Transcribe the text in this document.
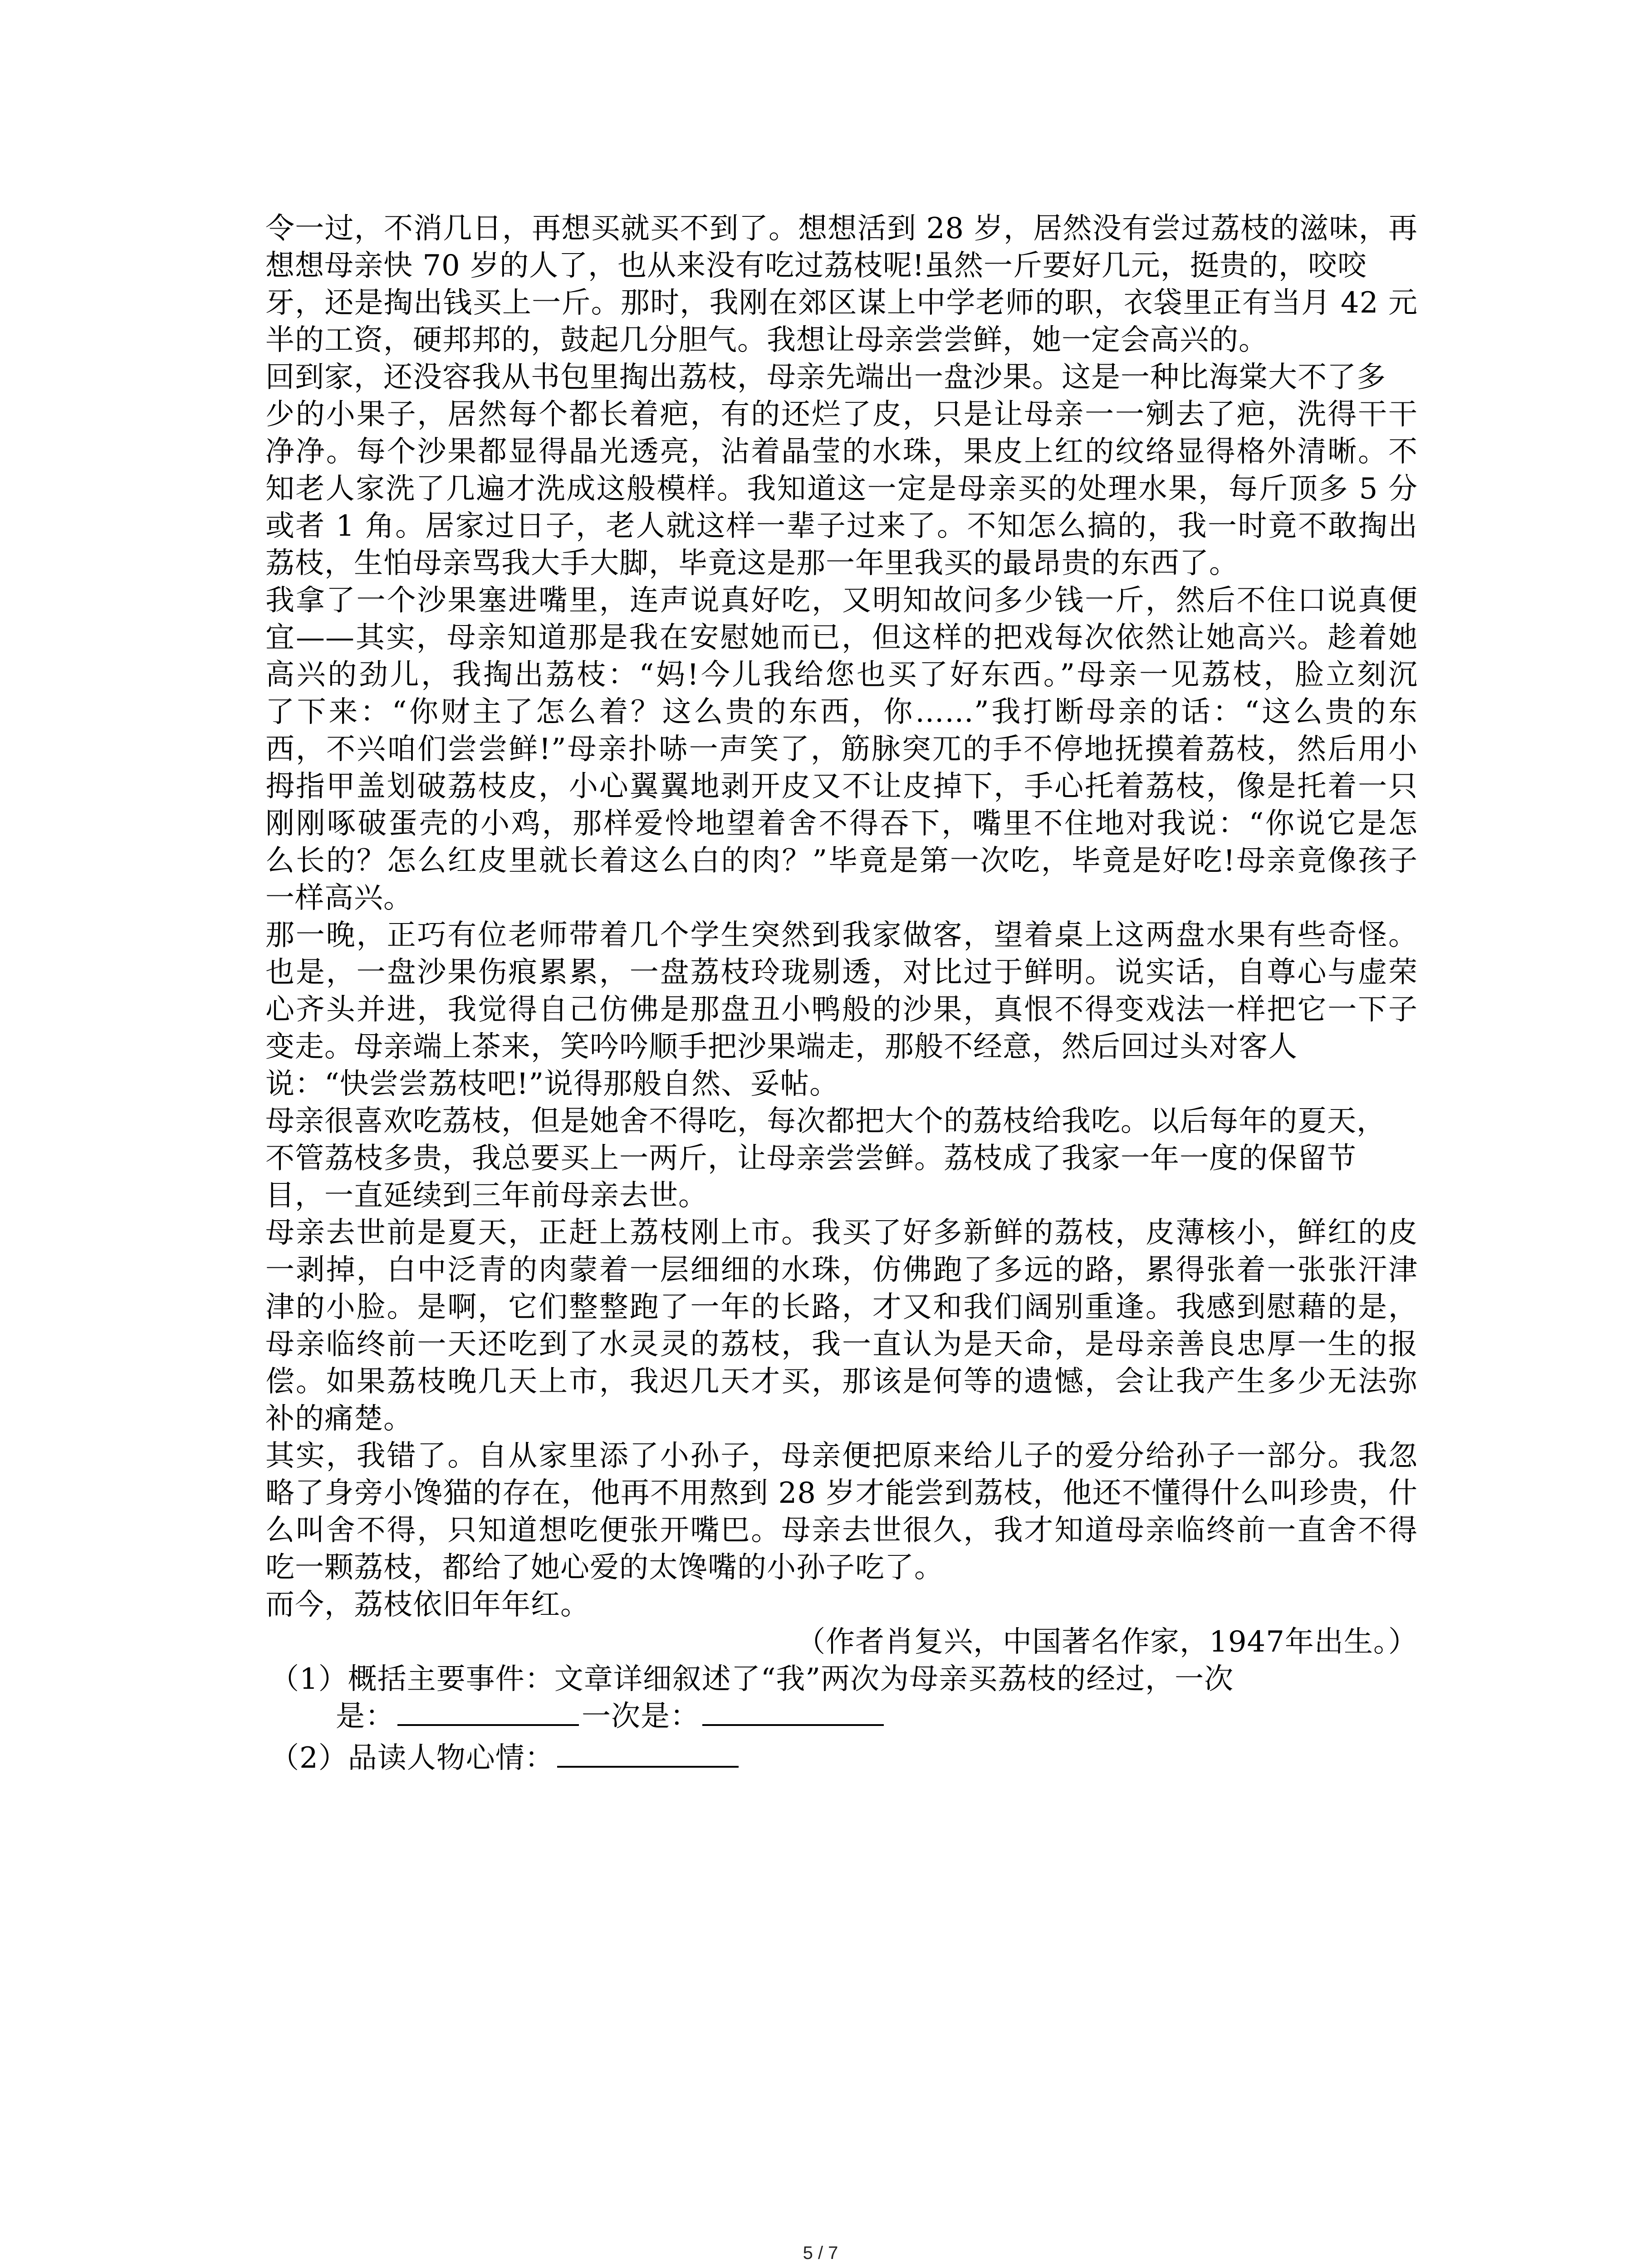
令一过，不消几日，再想买就买不到了。想想活到 28 岁，居然没有尝过荔枝的滋味，再

想想母亲快 70 岁的人了，也从来没有吃过荔枝呢!虽然一斤要好几元，挺贵的，咬咬

牙，还是掏出钱买上一斤。那时，我刚在郊区谋上中学老师的职，衣袋里正有当月 42 元

半的工资，硬邦邦的，鼓起几分胆气。我想让母亲尝尝鲜，她一定会高兴的。

回到家，还没容我从书包里掏出荔枝，母亲先端出一盘沙果。这是一种比海棠大不了多

少的小果子，居然每个都长着疤，有的还烂了皮，只是让母亲一一剜去了疤，洗得干干

净净。每个沙果都显得晶光透亮，沾着晶莹的水珠，果皮上红的纹络显得格外清晰。不

知老人家洗了几遍才洗成这般模样。我知道这一定是母亲买的处理水果，每斤顶多 5 分

或者 1 角。居家过日子，老人就这样一辈子过来了。不知怎么搞的，我一时竟不敢掏出

荔枝，生怕母亲骂我大手大脚，毕竟这是那一年里我买的最昂贵的东西了。

我拿了一个沙果塞进嘴里，连声说真好吃，又明知故问多少钱一斤，然后不住口说真便

宜——其实，母亲知道那是我在安慰她而已，但这样的把戏每次依然让她高兴。趁着她

高兴的劲儿，我掏出荔枝：“妈!今儿我给您也买了好东西。”母亲一见荔枝，脸立刻沉

了下来：“你财主了怎么着？这么贵的东西，你……”我打断母亲的话：“这么贵的东

西，不兴咱们尝尝鲜!”母亲扑哧一声笑了，筋脉突兀的手不停地抚摸着荔枝，然后用小

拇指甲盖划破荔枝皮，小心翼翼地剥开皮又不让皮掉下，手心托着荔枝，像是托着一只

刚刚啄破蛋壳的小鸡，那样爱怜地望着舍不得吞下，嘴里不住地对我说：“你说它是怎

么长的？怎么红皮里就长着这么白的肉？”毕竟是第一次吃，毕竟是好吃!母亲竟像孩子

一样高兴。

那一晚，正巧有位老师带着几个学生突然到我家做客，望着桌上这两盘水果有些奇怪。

也是，一盘沙果伤痕累累，一盘荔枝玲珑剔透，对比过于鲜明。说实话，自尊心与虚荣

心齐头并进，我觉得自己仿佛是那盘丑小鸭般的沙果，真恨不得变戏法一样把它一下子

变走。母亲端上茶来，笑吟吟顺手把沙果端走，那般不经意，然后回过头对客人

说：“快尝尝荔枝吧!”说得那般自然、妥帖。

母亲很喜欢吃荔枝，但是她舍不得吃，每次都把大个的荔枝给我吃。以后每年的夏天，

不管荔枝多贵，我总要买上一两斤，让母亲尝尝鲜。荔枝成了我家一年一度的保留节

目，一直延续到三年前母亲去世。

母亲去世前是夏天，正赶上荔枝刚上市。我买了好多新鲜的荔枝，皮薄核小，鲜红的皮

一剥掉，白中泛青的肉蒙着一层细细的水珠，仿佛跑了多远的路，累得张着一张张汗津

津的小脸。是啊，它们整整跑了一年的长路，才又和我们阔别重逢。我感到慰藉的是，

母亲临终前一天还吃到了水灵灵的荔枝，我一直认为是天命，是母亲善良忠厚一生的报

偿。如果荔枝晚几天上市，我迟几天才买，那该是何等的遗憾，会让我产生多少无法弥

补的痛楚。

其实，我错了。自从家里添了小孙子，母亲便把原来给儿子的爱分给孙子一部分。我忽

略了身旁小馋猫的存在，他再不用熬到 28 岁才能尝到荔枝，他还不懂得什么叫珍贵，什

么叫舍不得，只知道想吃便张开嘴巴。母亲去世很久，我才知道母亲临终前一直舍不得

吃一颗荔枝，都给了她心爱的太馋嘴的小孙子吃了。

而今，荔枝依旧年年红。

（作者肖复兴，中国著名作家，1947年出生。）

（1）概括主要事件：文章详细叙述了“我”两次为母亲买荔枝的经过，一次
是：	一次是：
（2）品读人物心情：
5 / 7
